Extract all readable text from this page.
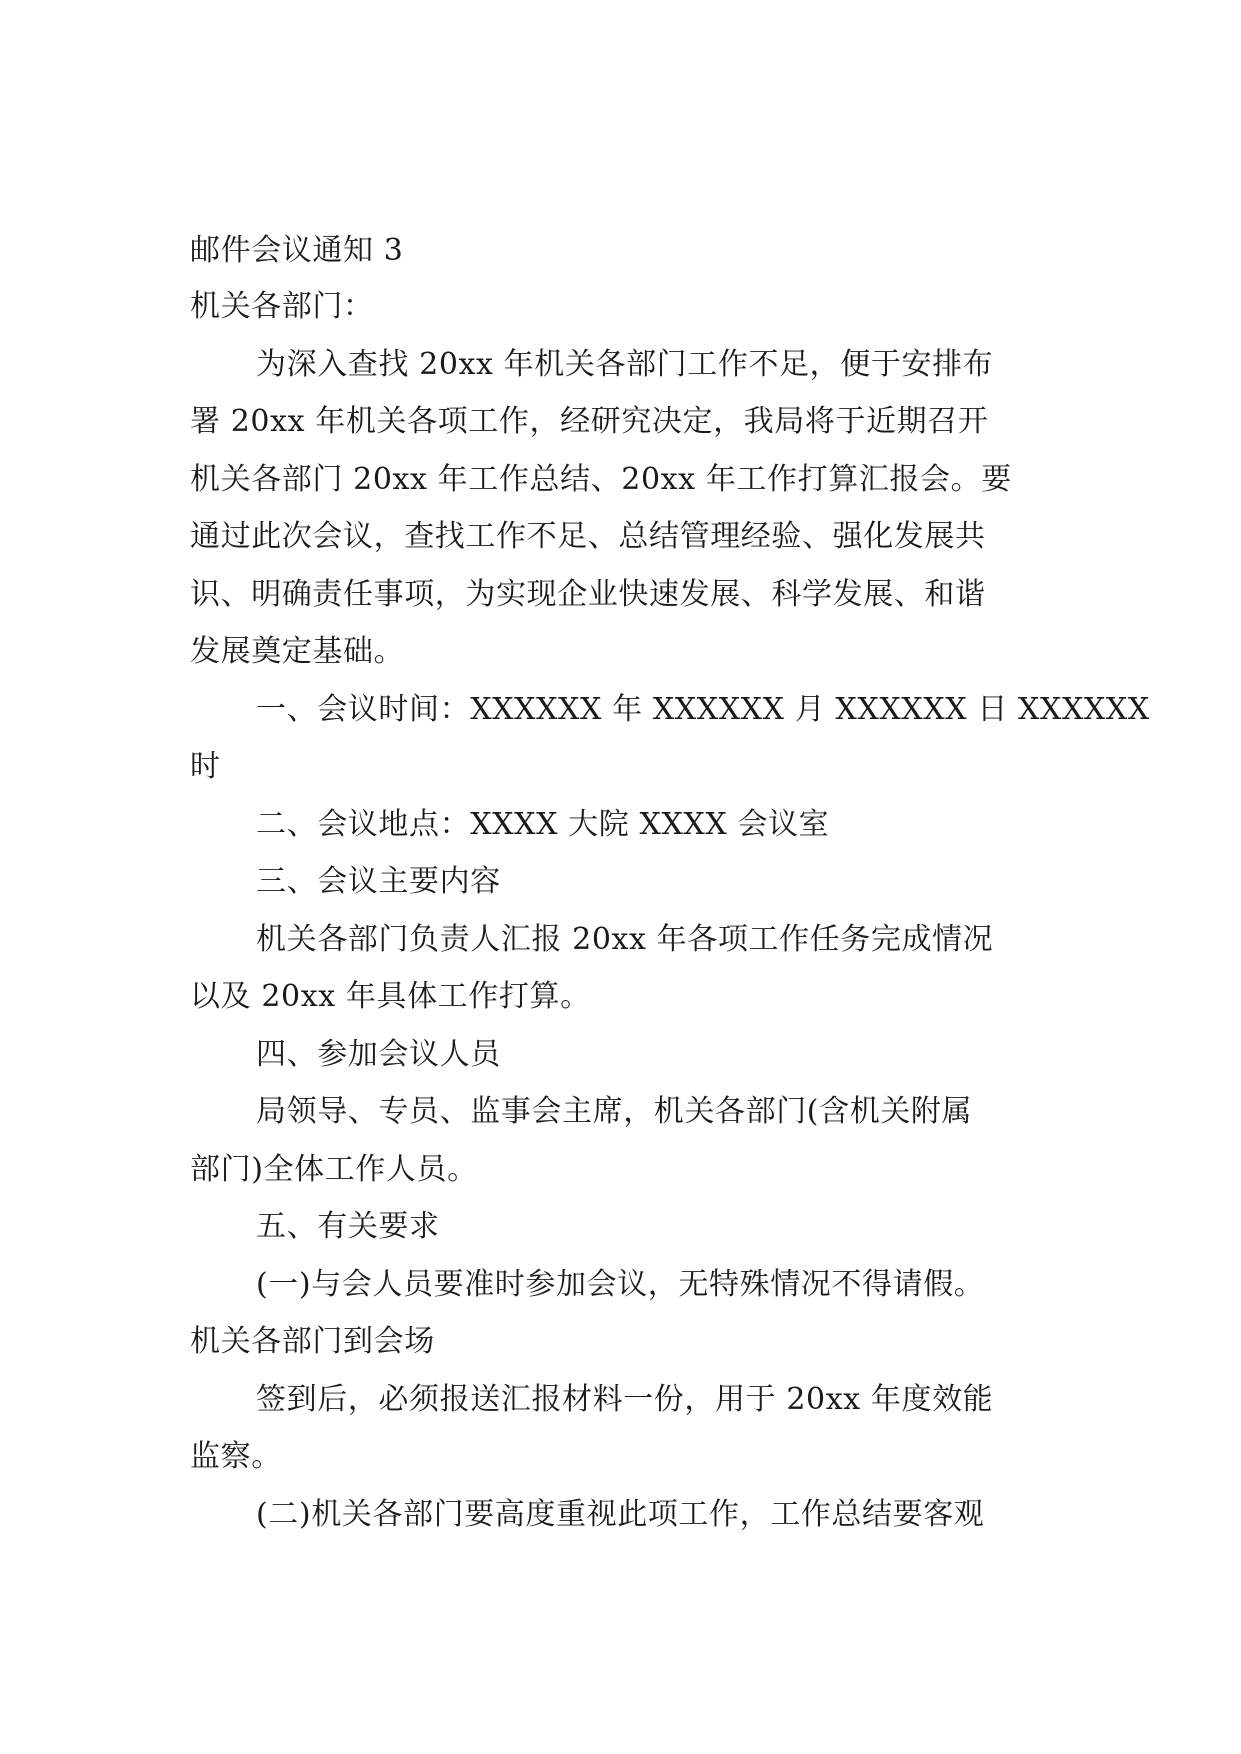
邮件会议通知 3
机关各部门：
为深入查找 20xx 年机关各部门工作不足，便于安排布
署 20xx 年机关各项工作，经研究决定，我局将于近期召开
机关各部门 20xx 年工作总结、20xx 年工作打算汇报会。要
通过此次会议，查找工作不足、总结管理经验、强化发展共
识、明确责任事项，为实现企业快速发展、科学发展、和谐
发展奠定基础。
一、会议时间：XXXXXX 年 XXXXXX 月 XXXXXX 日 XXXXXX
时
二、会议地点：XXXX 大院 XXXX 会议室
三、会议主要内容
机关各部门负责人汇报 20xx 年各项工作任务完成情况
以及 20xx 年具体工作打算。
四、参加会议人员
局领导、专员、监事会主席，机关各部门(含机关附属
部门)全体工作人员。
五、有关要求
(一)与会人员要准时参加会议，无特殊情况不得请假。
机关各部门到会场
签到后，必须报送汇报材料一份，用于 20xx 年度效能
监察。
(二)机关各部门要高度重视此项工作，工作总结要客观
